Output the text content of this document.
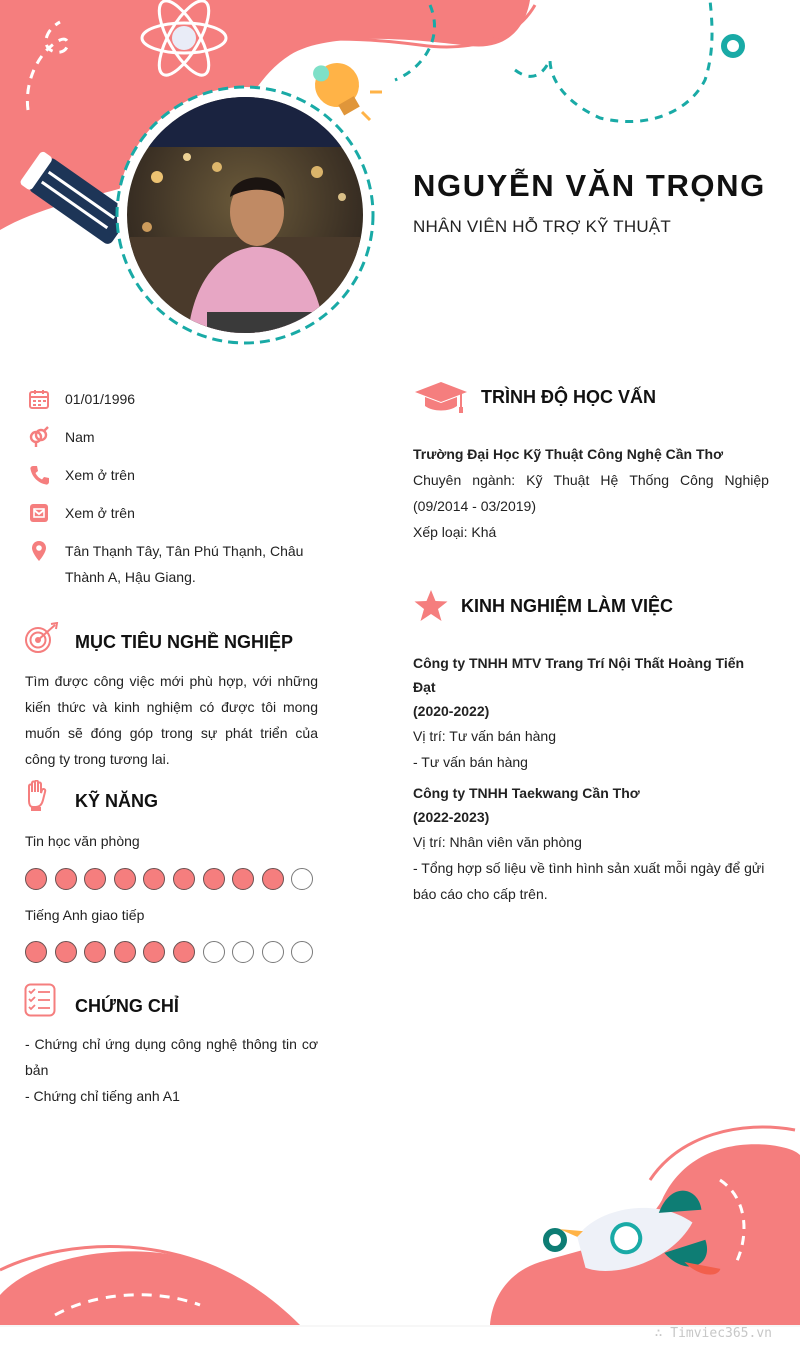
NGUYỄN VĂN TRỌNG
NHÂN VIÊN HỖ TRỢ KỸ THUẬT
01/01/1996
Nam
Xem ở trên
Xem ở trên
Tân Thạnh Tây, Tân Phú Thạnh, Châu Thành A, Hậu Giang.
MỤC TIÊU NGHỀ NGHIỆP
Tìm được công việc mới phù hợp, với những kiến thức và kinh nghiệm có được tôi mong muốn sẽ đóng góp trong sự phát triển của công ty trong tương lai.
KỸ NĂNG
Tin học văn phòng
Tiếng Anh giao tiếp
CHỨNG CHỈ
- Chứng chỉ ứng dụng công nghệ thông tin cơ bản
- Chứng chỉ tiếng anh A1
TRÌNH ĐỘ HỌC VẤN
Trường Đại Học Kỹ Thuật Công Nghệ Cần Thơ
Chuyên ngành: Kỹ Thuật Hệ Thống Công Nghiệp
(09/2014 - 03/2019)
Xếp loại: Khá
KINH NGHIỆM LÀM VIỆC
Công ty TNHH MTV Trang Trí Nội Thất Hoàng Tiến Đạt
(2020-2022)
Vị trí: Tư vấn bán hàng
- Tư vấn bán hàng
Công ty TNHH Taekwang Cần Thơ
(2022-2023)
Vị trí: Nhân viên văn phòng
- Tổng hợp số liệu về tình hình sản xuất mỗi ngày để gửi báo cáo cho cấp trên.
∴ Timviec365.vn
